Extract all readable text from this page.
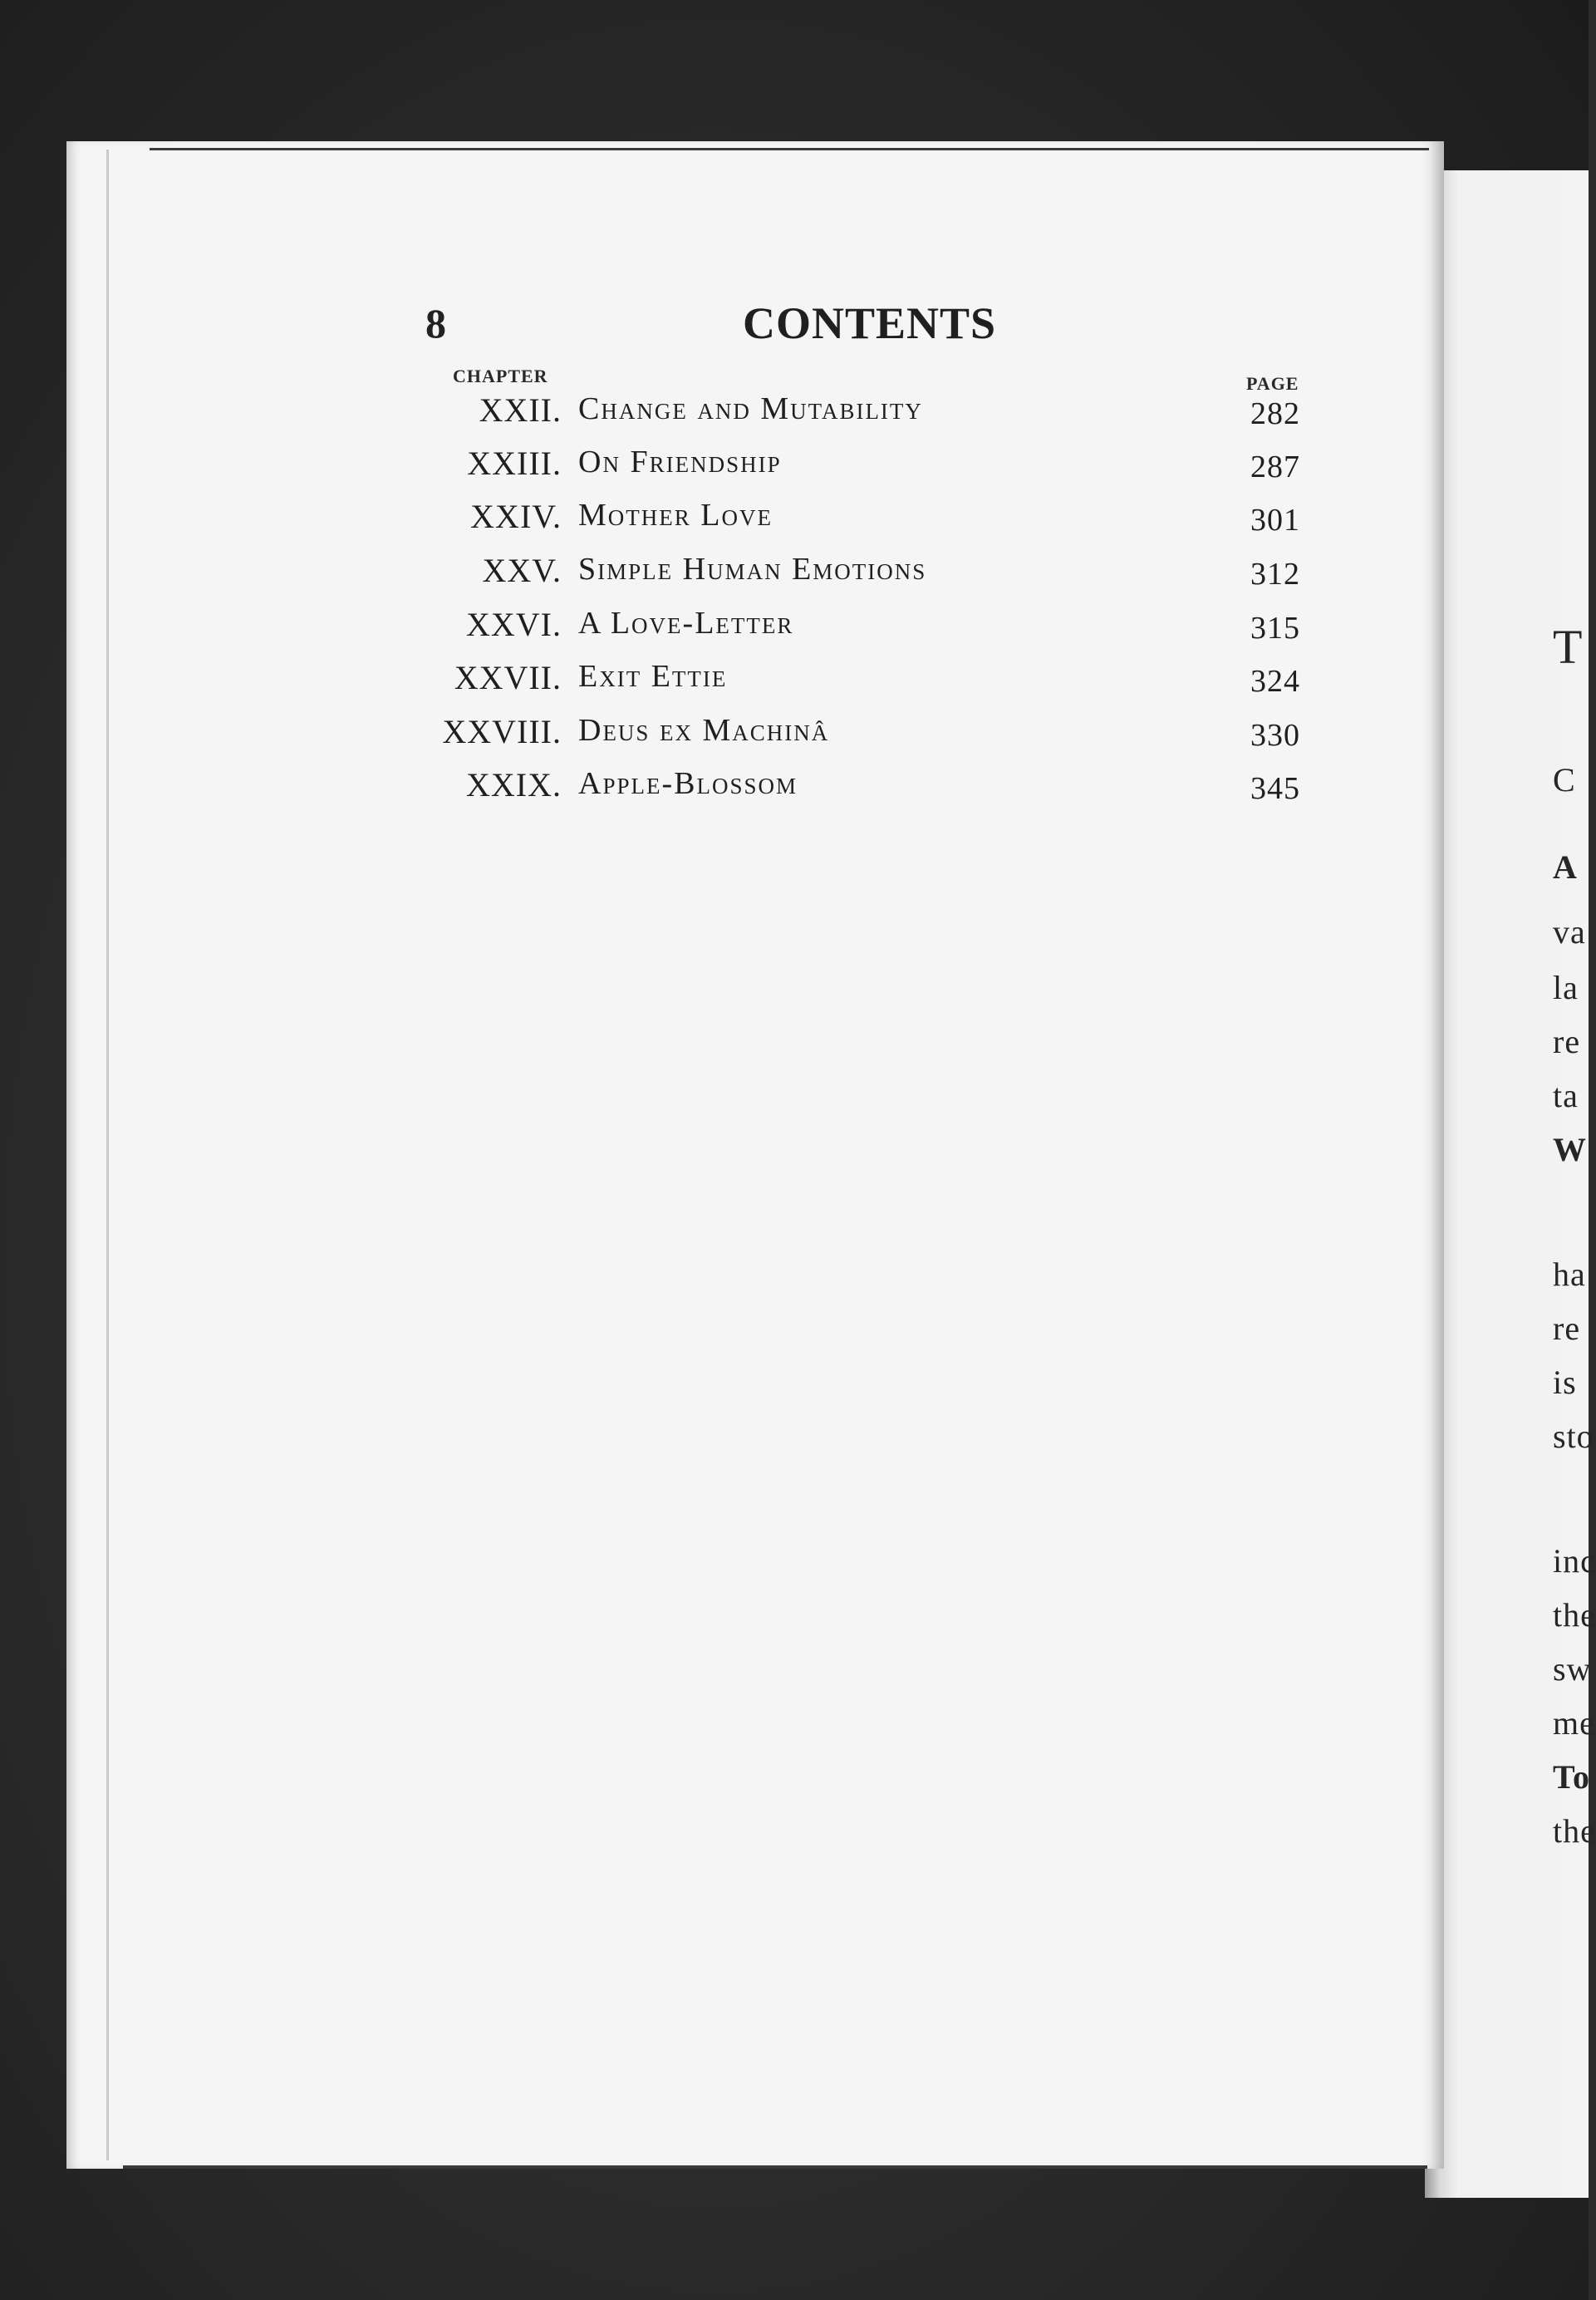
T
C
A
va
la
re
ta
W
ha
re
is
sto
inc
the
sw
me
To
the
8	CONTENTS
CHAPTER	PAGE
XXII. Change and Mutability	282
XXIII. On Friendship	287
XXIV. Mother Love	301
XXV. Simple Human Emotions	312
XXVI. A Love-Letter	315
XXVII. Exit Ettie	324
XXVIII. Deus ex Machinâ	330
XXIX. Apple-Blossom	345
